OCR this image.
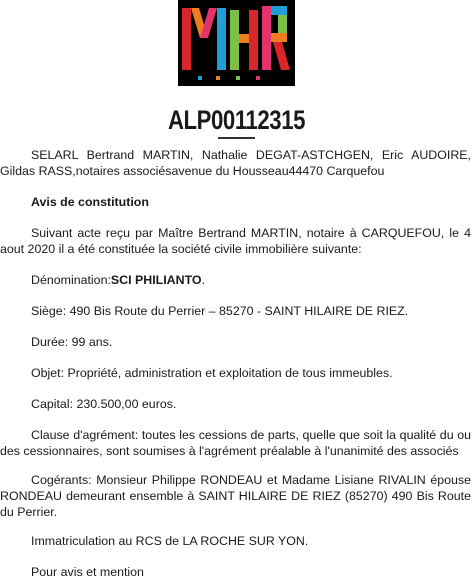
ALP00112315

SELARL Bertrand MARTIN, Nathalie DEGAT-ASTCHGEN, Eric AUDOIRE, Gildas RASS,notaires associésavenue du Housseau44470 Carquefou

Avis de constitution

Suivant acte reçu par Maître Bertrand MARTIN, notaire à CARQUEFOU, le 4 aout 2020 il a été constituée la société civile immobilière suivante:

Dénomination:SCI PHILIANTO.

Siège: 490 Bis Route du Perrier – 85270 - SAINT HILAIRE DE RIEZ.

Durée: 99 ans.

Objet: Propriété, administration et exploitation de tous immeubles.

Capital: 230.500,00 euros.

Clause d'agrément: toutes les cessions de parts, quelle que soit la qualité du ou des cessionnaires, sont soumises à l'agrément préalable à l'unanimité des associés

Cogérants: Monsieur Philippe RONDEAU et Madame Lisiane RIVALIN épouse RONDEAU demeurant ensemble à SAINT HILAIRE DE RIEZ (85270) 490 Bis Route du Perrier.

Immatriculation au RCS de LA ROCHE SUR YON.

Pour avis et mention
